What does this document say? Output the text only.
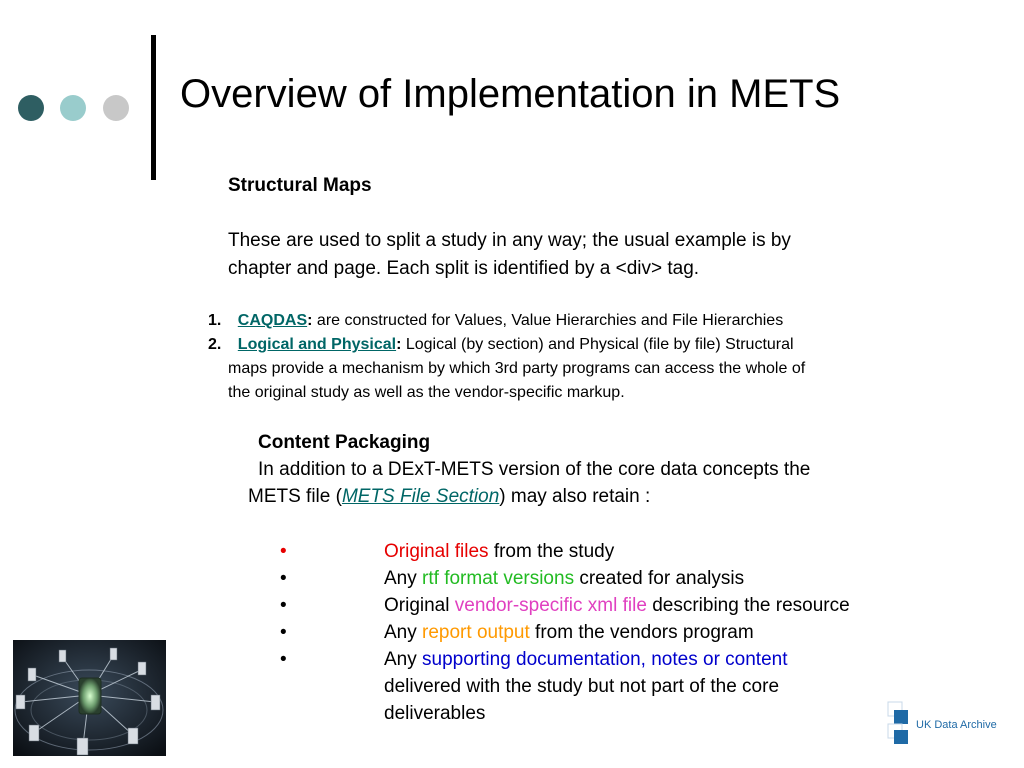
Overview of Implementation in METS
Structural Maps
These are used to split a study in any way; the usual example is by
chapter and page. Each split is identified by a <div> tag.
1. CAQDAS: are constructed for Values, Value Hierarchies and File Hierarchies
2. Logical and Physical: Logical (by section) and Physical (file by file) Structural
maps provide a mechanism by which 3rd party programs can access the whole of
the original study as well as the vendor-specific markup.
Content Packaging
In addition to a DExT-METS version of the core data concepts the
METS file (METS File Section) may also retain :
•	Original files from the study
•	Any rtf format versions created for analysis
•	Original vendor-specific xml file describing the resource
•	Any report output from the vendors program
•	Any supporting documentation, notes or content
delivered with the study but not part of the core
deliverables
UK Data Archive
